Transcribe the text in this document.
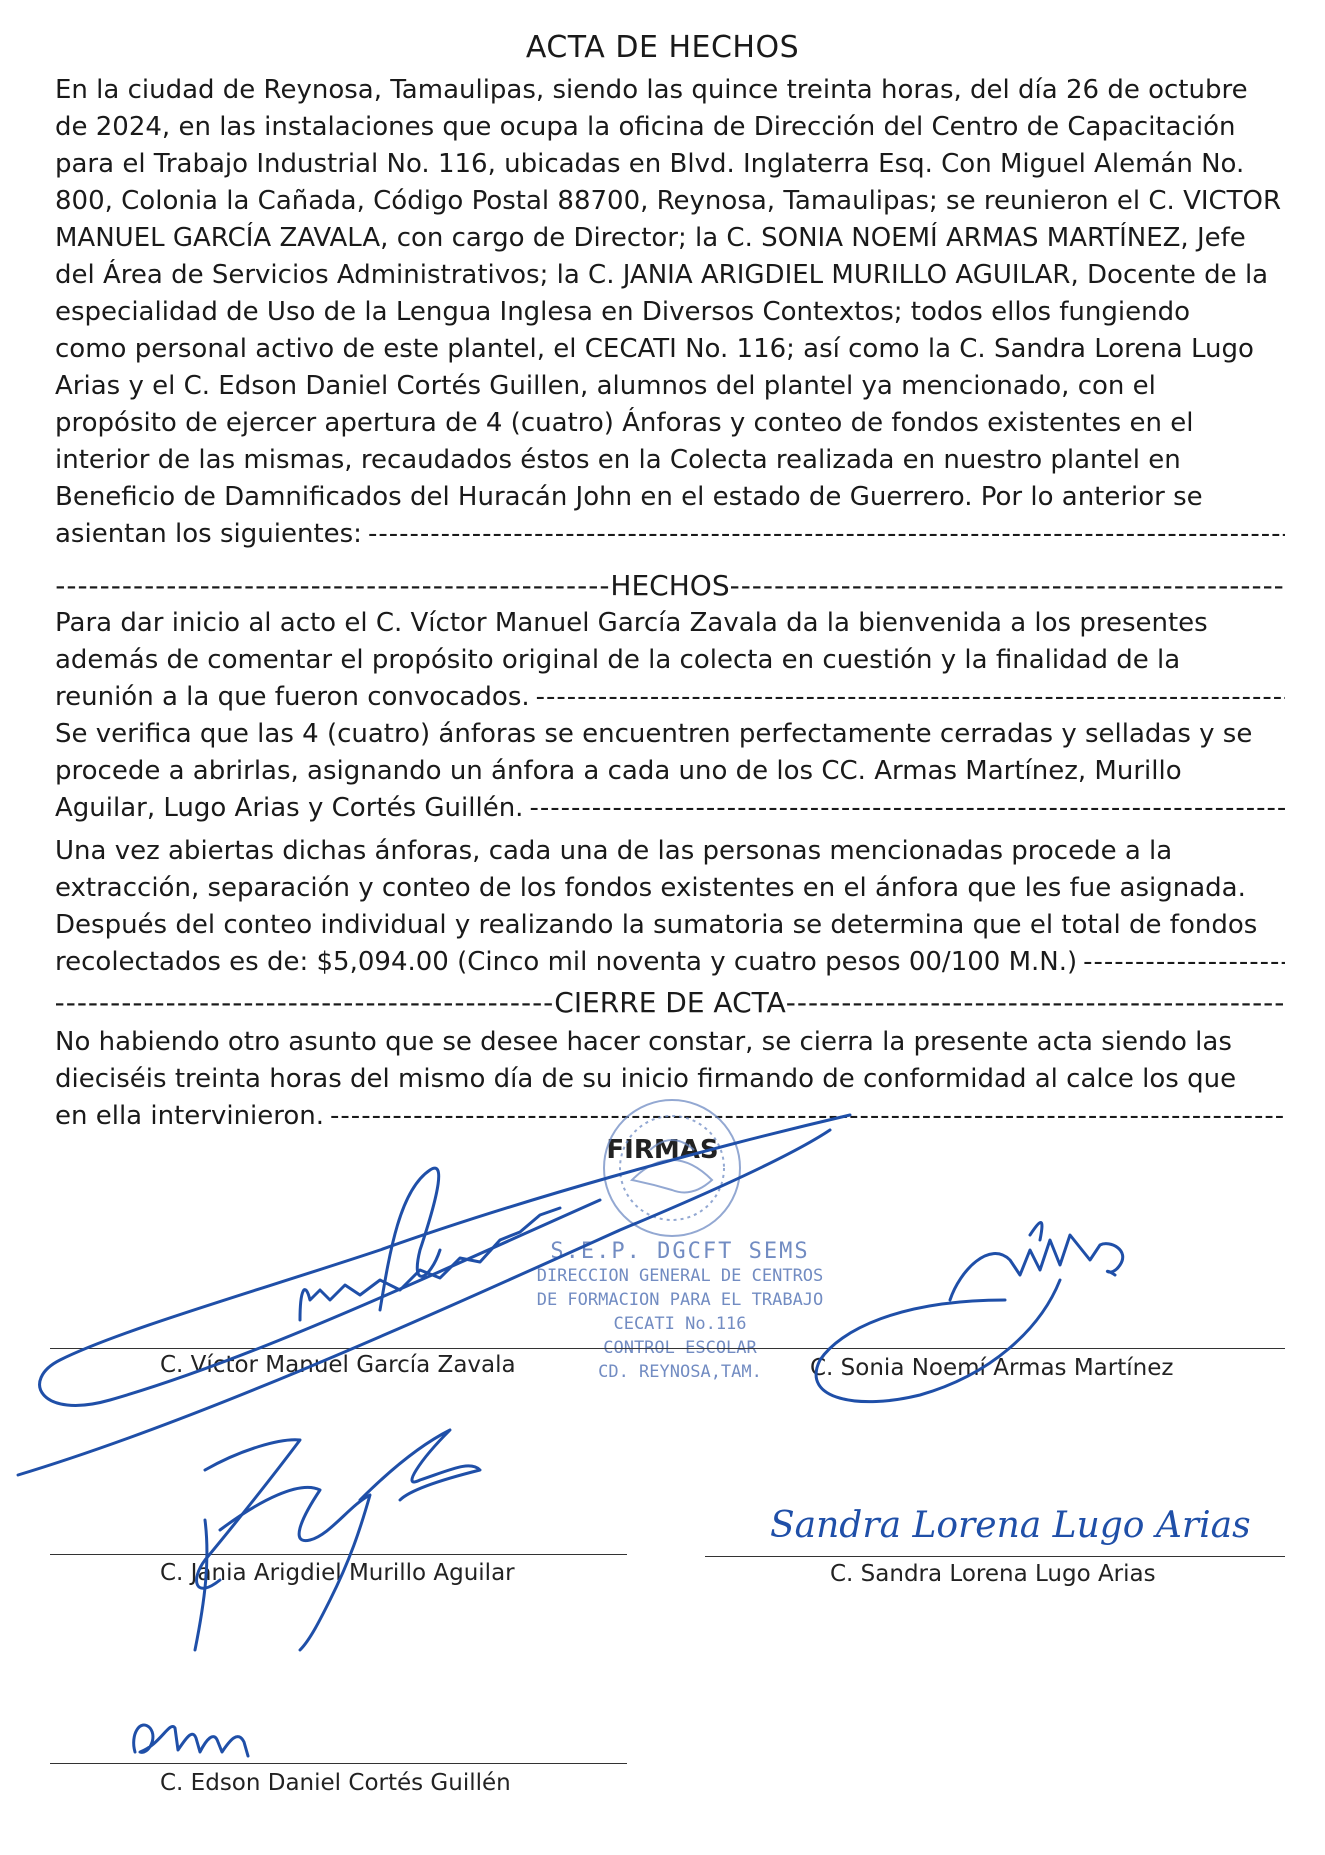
ACTA DE HECHOS
En la ciudad de Reynosa, Tamaulipas, siendo las quince treinta horas, del día 26 de octubre
de 2024, en las instalaciones que ocupa la oficina de Dirección del Centro de Capacitación
para el Trabajo Industrial No. 116, ubicadas en Blvd. Inglaterra Esq. Con Miguel Alemán No.
800, Colonia la Cañada, Código Postal 88700, Reynosa, Tamaulipas; se reunieron el C. VICTOR
MANUEL GARCÍA ZAVALA, con cargo de Director; la C. SONIA NOEMÍ ARMAS MARTÍNEZ, Jefe
del Área de Servicios Administrativos; la C. JANIA ARIGDIEL MURILLO AGUILAR, Docente de la
especialidad de Uso de la Lengua Inglesa en Diversos Contextos; todos ellos fungiendo
como personal activo de este plantel, el CECATI No. 116; así como la C. Sandra Lorena Lugo
Arias y el C. Edson Daniel Cortés Guillen, alumnos del plantel ya mencionado, con el
propósito de ejercer apertura de 4 (cuatro) Ánforas y conteo de fondos existentes en el
interior de las mismas, recaudados éstos en la Colecta realizada en nuestro plantel en
Beneficio de Damnificados del Huracán John en el estado de Guerrero. Por lo anterior se
asientan los siguientes:
-----
-----
HECHOS
-----
Para dar inicio al acto el C. Víctor Manuel García Zavala da la bienvenida a los presentes
además de comentar el propósito original de la colecta en cuestión y la finalidad de la
reunión a la que fueron convocados.
-----
Se verifica que las 4 (cuatro) ánforas se encuentren perfectamente cerradas y selladas y se
procede a abrirlas, asignando un ánfora a cada uno de los CC. Armas Martínez, Murillo
Aguilar, Lugo Arias y Cortés Guillén.
-----
Una vez abiertas dichas ánforas, cada una de las personas mencionadas procede a la
extracción, separación y conteo de los fondos existentes en el ánfora que les fue asignada.
Después del conteo individual y realizando la sumatoria se determina que el total de fondos
recolectados es de: $5,094.00 (Cinco mil noventa y cuatro pesos 00/100 M.N.)
-----
-----
CIERRE DE ACTA
-----
No habiendo otro asunto que se desee hacer constar, se cierra la presente acta siendo las
dieciséis treinta horas del mismo día de su inicio firmando de conformidad al calce los que
en ella intervinieron.
-----
FIRMAS
S.E.P. DGCFT SEMS
DIRECCION GENERAL DE CENTROS
DE FORMACION PARA EL TRABAJO
CECATI No.116
CONTROL ESCOLAR
CD. REYNOSA,TAM.
C. Víctor Manuel García Zavala	C. Sonia Noemí Armas Martínez
C. Jania Arigdiel Murillo Aguilar
Sandra Lorena Lugo Arias
C. Sandra Lorena Lugo Arias
C. Edson Daniel Cortés Guillén
